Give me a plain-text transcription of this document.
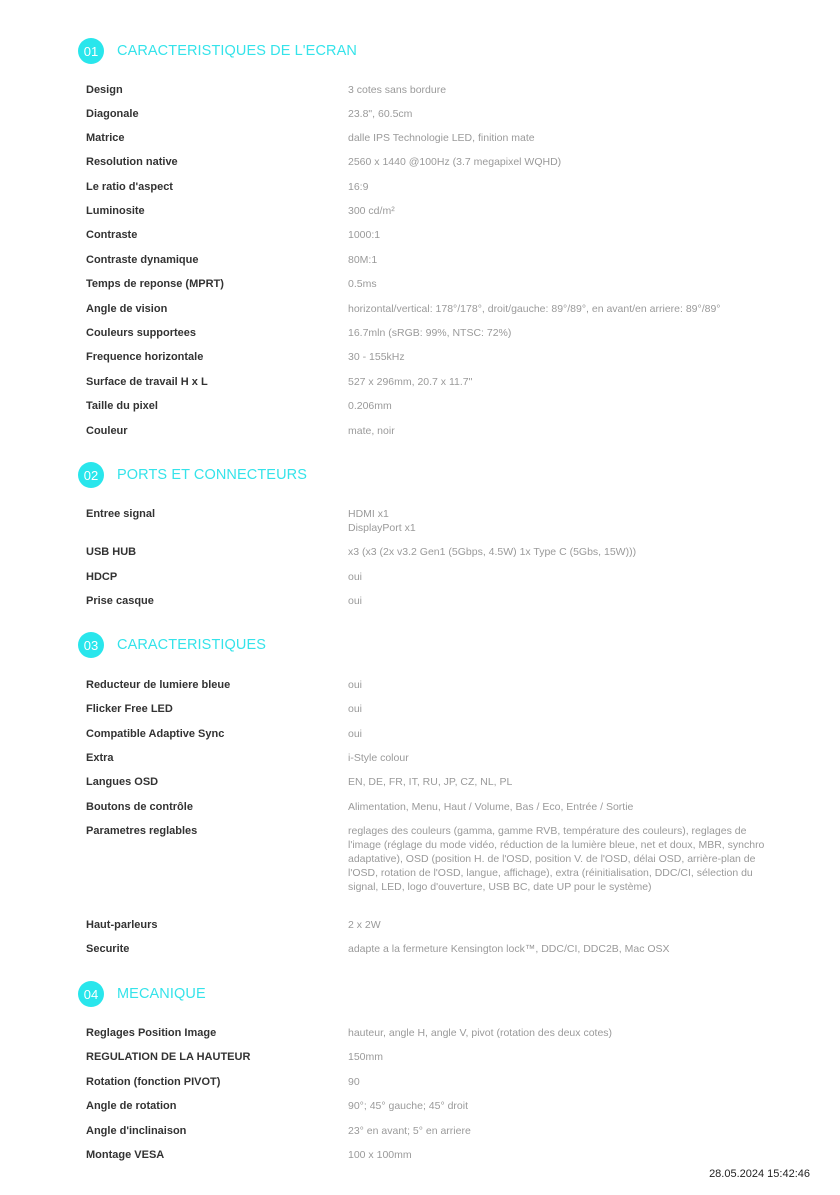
01	CARACTERISTIQUES DE L'ECRAN
Design	3 cotes sans bordure
Diagonale	23.8", 60.5cm
Matrice	dalle IPS Technologie LED, finition mate
Resolution native	2560 x 1440 @100Hz (3.7 megapixel WQHD)
Le ratio d'aspect	16:9
Luminosite	300 cd/m²
Contraste	1000:1
Contraste dynamique	80M:1
Temps de reponse (MPRT)	0.5ms
Angle de vision	horizontal/vertical: 178°/178°, droit/gauche: 89°/89°, en avant/en arriere: 89°/89°
Couleurs supportees	16.7mln (sRGB: 99%, NTSC: 72%)
Frequence horizontale	30 - 155kHz
Surface de travail H x L	527 x 296mm, 20.7 x 11.7"
Taille du pixel	0.206mm
Couleur	mate, noir
02	PORTS ET CONNECTEURS
Entree signal	HDMI x1
DisplayPort x1
USB HUB	x3 (x3 (2x v3.2 Gen1 (5Gbps, 4.5W) 1x Type C (5Gbs, 15W)))
HDCP	oui
Prise casque	oui
03	CARACTERISTIQUES
Reducteur de lumiere bleue	oui
Flicker Free LED	oui
Compatible Adaptive Sync	oui
Extra	i-Style colour
Langues OSD	EN, DE, FR, IT, RU, JP, CZ, NL, PL
Boutons de contrôle	Alimentation, Menu, Haut / Volume, Bas / Eco, Entrée / Sortie
Parametres reglables	reglages des couleurs (gamma, gamme RVB, température des couleurs), reglages de l'image (réglage du mode vidéo, réduction de la lumière bleue, net et doux, MBR, synchro adaptative), OSD (position H. de l'OSD, position V. de l'OSD, délai OSD, arrière-plan de l'OSD, rotation de l'OSD, langue, affichage), extra (réinitialisation, DDC/CI, sélection du signal, LED, logo d'ouverture, USB BC, date UP pour le système)
Haut-parleurs	2 x 2W
Securite	adapte a la fermeture Kensington lock™, DDC/CI, DDC2B, Mac OSX
04	MECANIQUE
Reglages Position Image	hauteur, angle H, angle V, pivot (rotation des deux cotes)
REGULATION DE LA HAUTEUR	150mm
Rotation (fonction PIVOT)	90
Angle de rotation	90°; 45° gauche; 45° droit
Angle d'inclinaison	23° en avant; 5° en arriere
Montage VESA	100 x 100mm
28.05.2024 15:42:46
